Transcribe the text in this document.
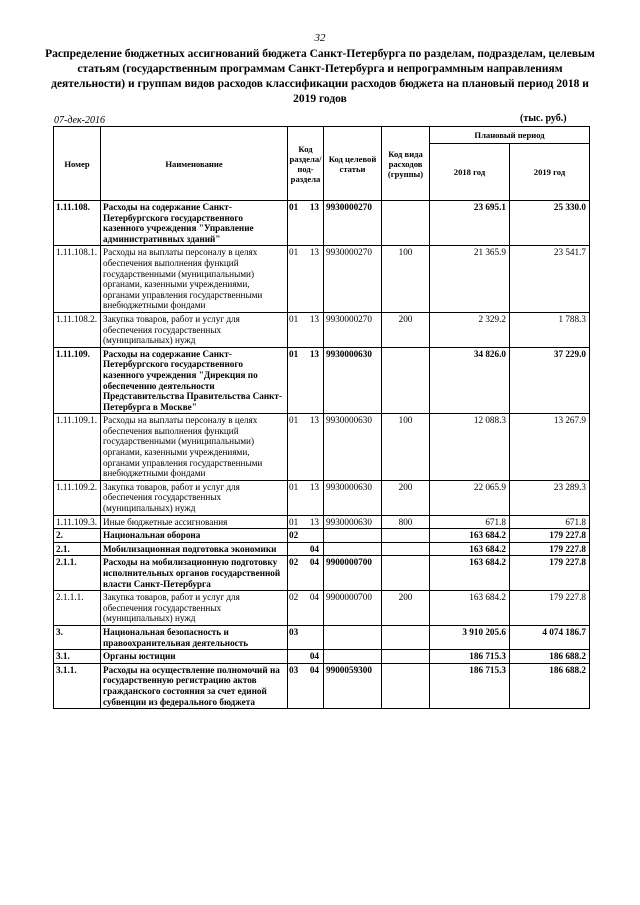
32
Распределение бюджетных ассигнований бюджета Санкт-Петербурга по разделам, подразделам, целевым статьям (государственным программам Санкт-Петербурга и непрограммным направлениям деятельности) и группам видов расходов классификации расходов бюджета на плановый период 2018 и 2019 годов
07-дек-2016	(тыс. руб.)
Номер	Наименование	Код раздела/ под-раздела	Код целевой статьи	Код вида расходов (группы)	Плановый период	
					2018 год	2019 год
1.11.108.	Расходы на содержание Санкт-Петербургского государственного казенного учреждения "Управление административных зданий"	01 13	9930000270		23 695.1	25 330.0
1.11.108.1.	Расходы на выплаты персоналу в целях обеспечения выполнения функций государственными (муниципальными) органами, казенными учреждениями, органами управления государственными внебюджетными фондами	01 13	9930000270	100	21 365.9	23 541.7
1.11.108.2.	Закупка товаров, работ и услуг для обеспечения государственных (муниципальных) нужд	01 13	9930000270	200	2 329.2	1 788.3
1.11.109.	Расходы на содержание Санкт-Петербургского государственного казенного учреждения "Дирекция по обеспечению деятельности Представительства Правительства Санкт-Петербурга в Москве"	01 13	9930000630		34 826.0	37 229.0
1.11.109.1.	Расходы на выплаты персоналу в целях обеспечения выполнения функций государственными (муниципальными) органами, казенными учреждениями, органами управления государственными внебюджетными фондами	01 13	9930000630	100	12 088.3	13 267.9
1.11.109.2.	Закупка товаров, работ и услуг для обеспечения государственных (муниципальных) нужд	01 13	9930000630	200	22 065.9	23 289.3
1.11.109.3.	Иные бюджетные ассигнования	01 13	9930000630	800	671.8	671.8
2.	Национальная оборона	02			163 684.2	179 227.8
2.1.	Мобилизационная подготовка экономики	04			163 684.2	179 227.8
2.1.1.	Расходы на мобилизационную подготовку исполнительных органов государственной власти Санкт-Петербурга	02 04	9900000700		163 684.2	179 227.8
2.1.1.1.	Закупка товаров, работ и услуг для обеспечения государственных (муниципальных) нужд	02 04	9900000700	200	163 684.2	179 227.8
3.	Национальная безопасность и правоохранительная деятельность	03			3 910 205.6	4 074 186.7
3.1.	Органы юстиции	04			186 715.3	186 688.2
3.1.1.	Расходы на осуществление полномочий на государственную регистрацию актов гражданского состояния за счет единой субвенции из федерального бюджета	03 04	9900059300		186 715.3	186 688.2
